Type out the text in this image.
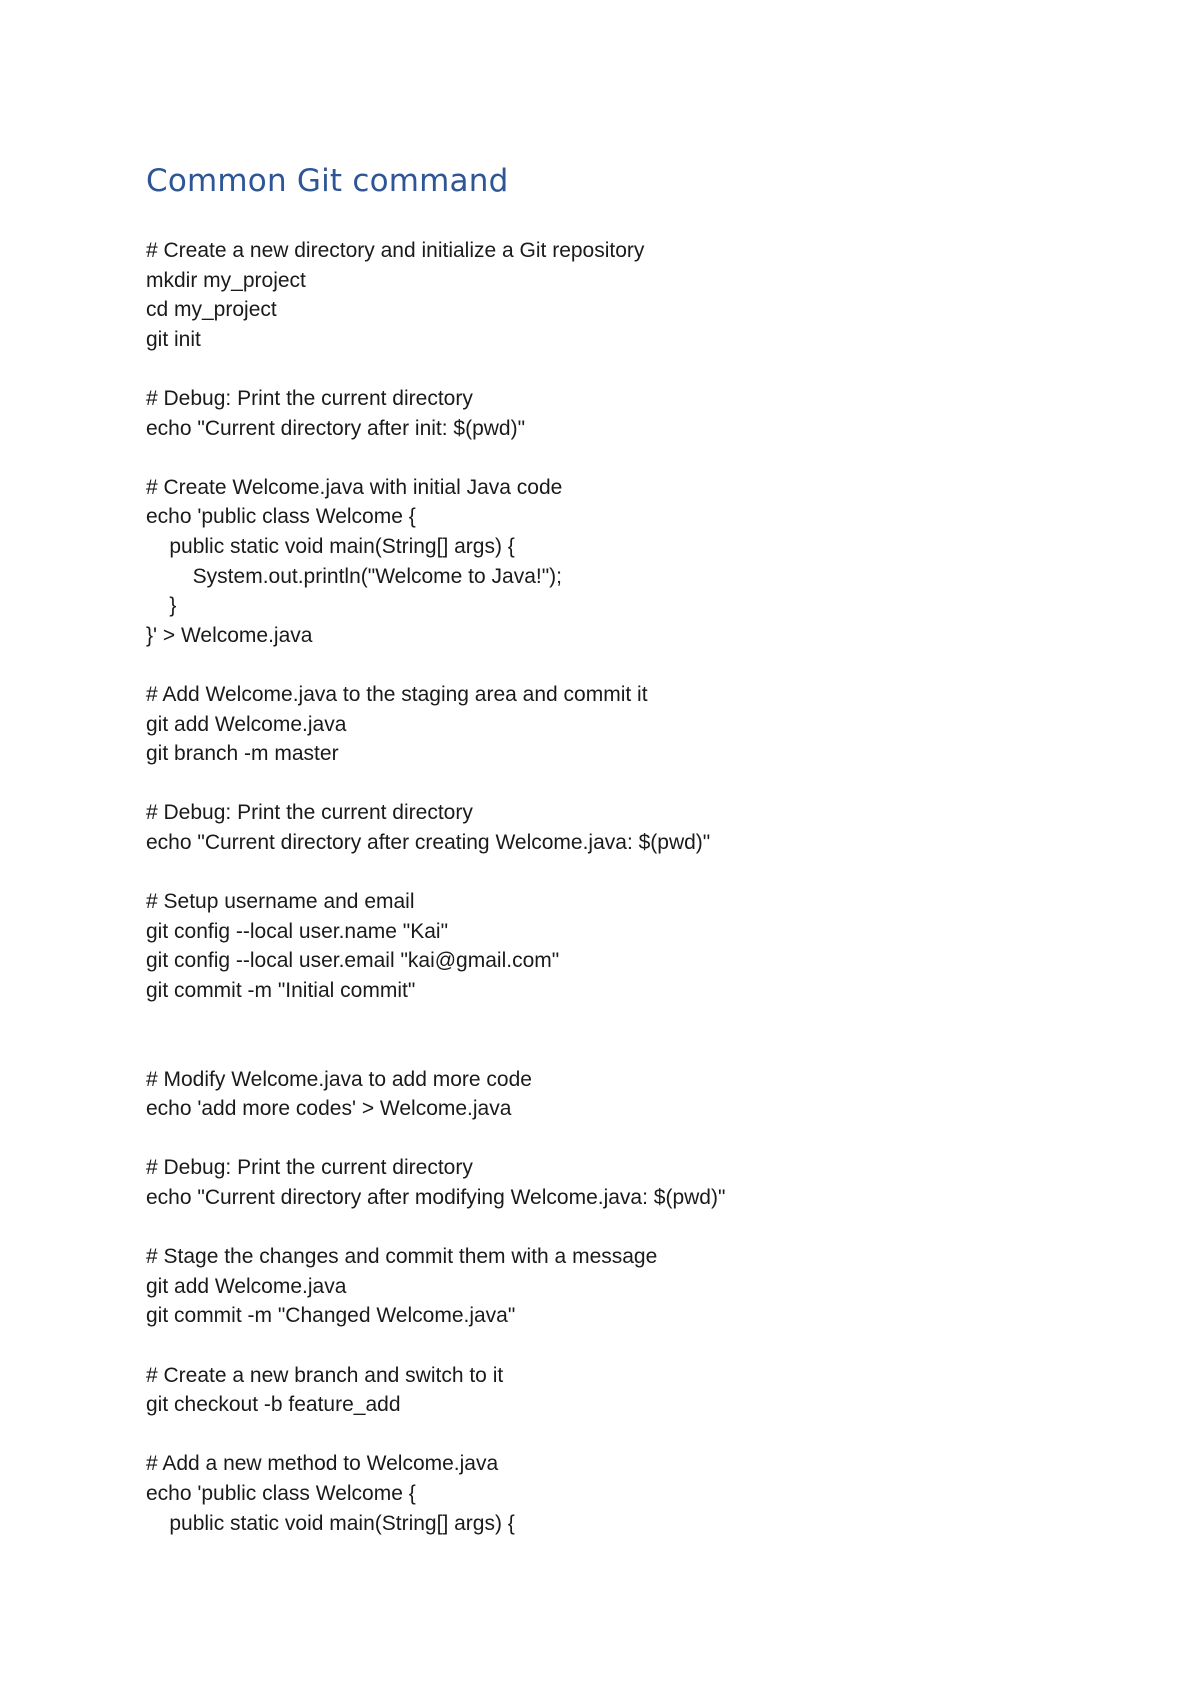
Common Git command
# Create a new directory and initialize a Git repository
mkdir my_project
cd my_project
git init
# Debug: Print the current directory
echo "Current directory after init: $(pwd)"
# Create Welcome.java with initial Java code
echo 'public class Welcome {
public static void main(String[] args) {
System.out.println("Welcome to Java!");
}
}' > Welcome.java
# Add Welcome.java to the staging area and commit it
git add Welcome.java
git branch -m master
# Debug: Print the current directory
echo "Current directory after creating Welcome.java: $(pwd)"
# Setup username and email
git config --local user.name "Kai"
git config --local user.email "kai@gmail.com"
git commit -m "Initial commit"
# Modify Welcome.java to add more code
echo 'add more codes' > Welcome.java
# Debug: Print the current directory
echo "Current directory after modifying Welcome.java: $(pwd)"
# Stage the changes and commit them with a message
git add Welcome.java
git commit -m "Changed Welcome.java"
# Create a new branch and switch to it
git checkout -b feature_add
# Add a new method to Welcome.java
echo 'public class Welcome {
public static void main(String[] args) {
